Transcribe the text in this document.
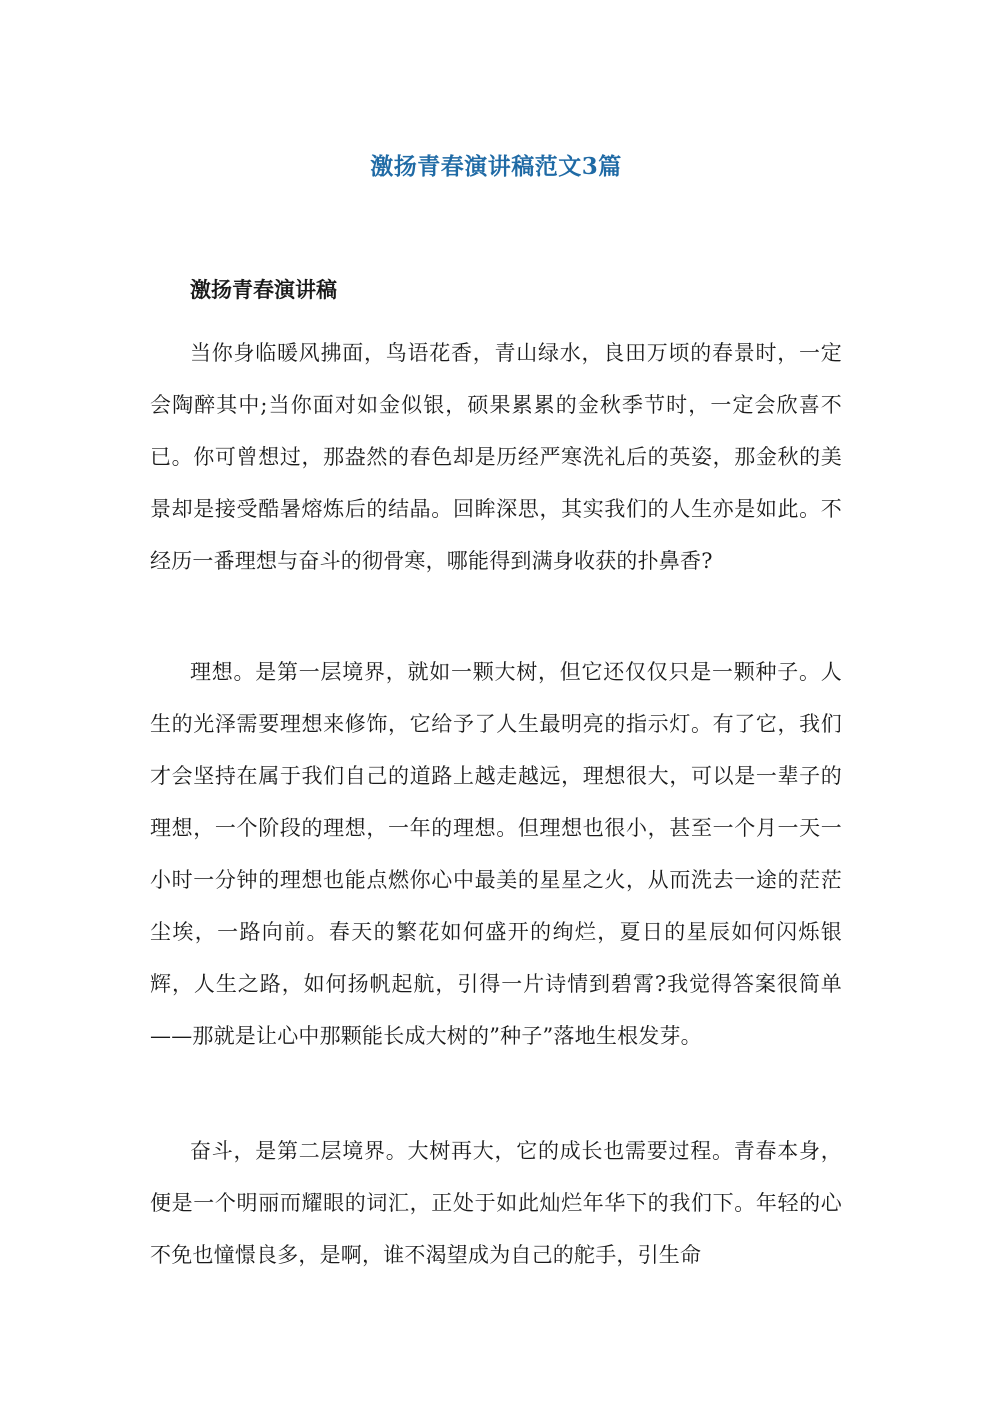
激扬青春演讲稿范文3篇
激扬青春演讲稿

当你身临暖风拂面，鸟语花香，青山绿水，良田万顷的春景时，一定会陶醉其中;当你面对如金似银，硕果累累的金秋季节时，一定会欣喜不已。你可曾想过，那盎然的春色却是历经严寒洗礼后的英姿，那金秋的美景却是接受酷暑熔炼后的结晶。回眸深思，其实我们的人生亦是如此。不经历一番理想与奋斗的彻骨寒，哪能得到满身收获的扑鼻香?

理想。是第一层境界，就如一颗大树，但它还仅仅只是一颗种子。人生的光泽需要理想来修饰，它给予了人生最明亮的指示灯。有了它，我们才会坚持在属于我们自己的道路上越走越远，理想很大，可以是一辈子的理想，一个阶段的理想，一年的理想。但理想也很小，甚至一个月一天一小时一分钟的理想也能点燃你心中最美的星星之火，从而洗去一途的茫茫尘埃，一路向前。春天的繁花如何盛开的绚烂，夏日的星辰如何闪烁银辉，人生之路，如何扬帆起航，引得一片诗情到碧霄?我觉得答案很简单——那就是让心中那颗能长成大树的”种子”落地生根发芽。

奋斗，是第二层境界。大树再大，它的成长也需要过程。青春本身，便是一个明丽而耀眼的词汇，正处于如此灿烂年华下的我们下。年轻的心不免也憧憬良多，是啊，谁不渴望成为自己的舵手，引生命
